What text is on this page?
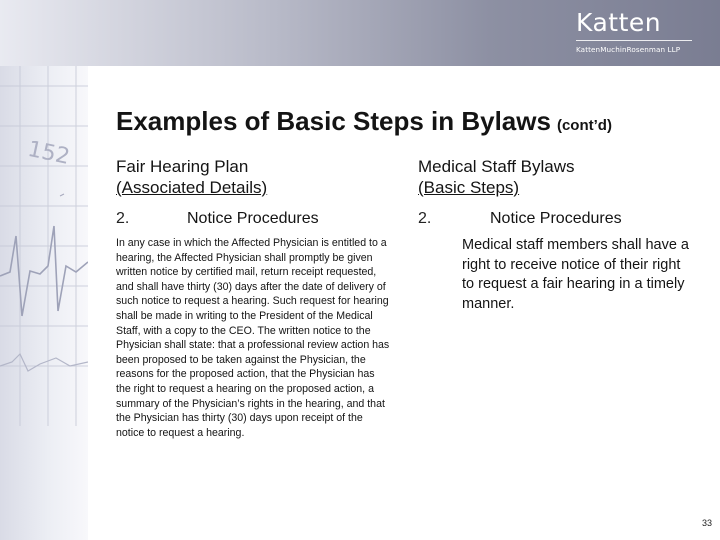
Katten
KattenMuchinRosenman LLP
152
Examples of Basic Steps in Bylaws (cont’d)
Fair Hearing Plan
(Associated Details)
2.	Notice Procedures
In any case in which the Affected Physician is entitled to a hearing, the Affected Physician shall promptly be given written notice by certified mail, return receipt requested, and shall have thirty (30) days after the date of delivery of such notice to request a hearing. Such request for hearing shall be made in writing to the President of the Medical Staff, with a copy to the CEO. The written notice to the Physician shall state: that a professional review action has been proposed to be taken against the Physician, the reasons for the proposed action, that the Physician has the right to request a hearing on the proposed action, a summary of the Physician’s rights in the hearing, and that the Physician has thirty (30) days upon receipt of the notice to request a hearing.
Medical Staff Bylaws
(Basic Steps)
2.	Notice Procedures
Medical staff members shall have a right to receive notice of their right to request a fair hearing in a timely manner.
33
